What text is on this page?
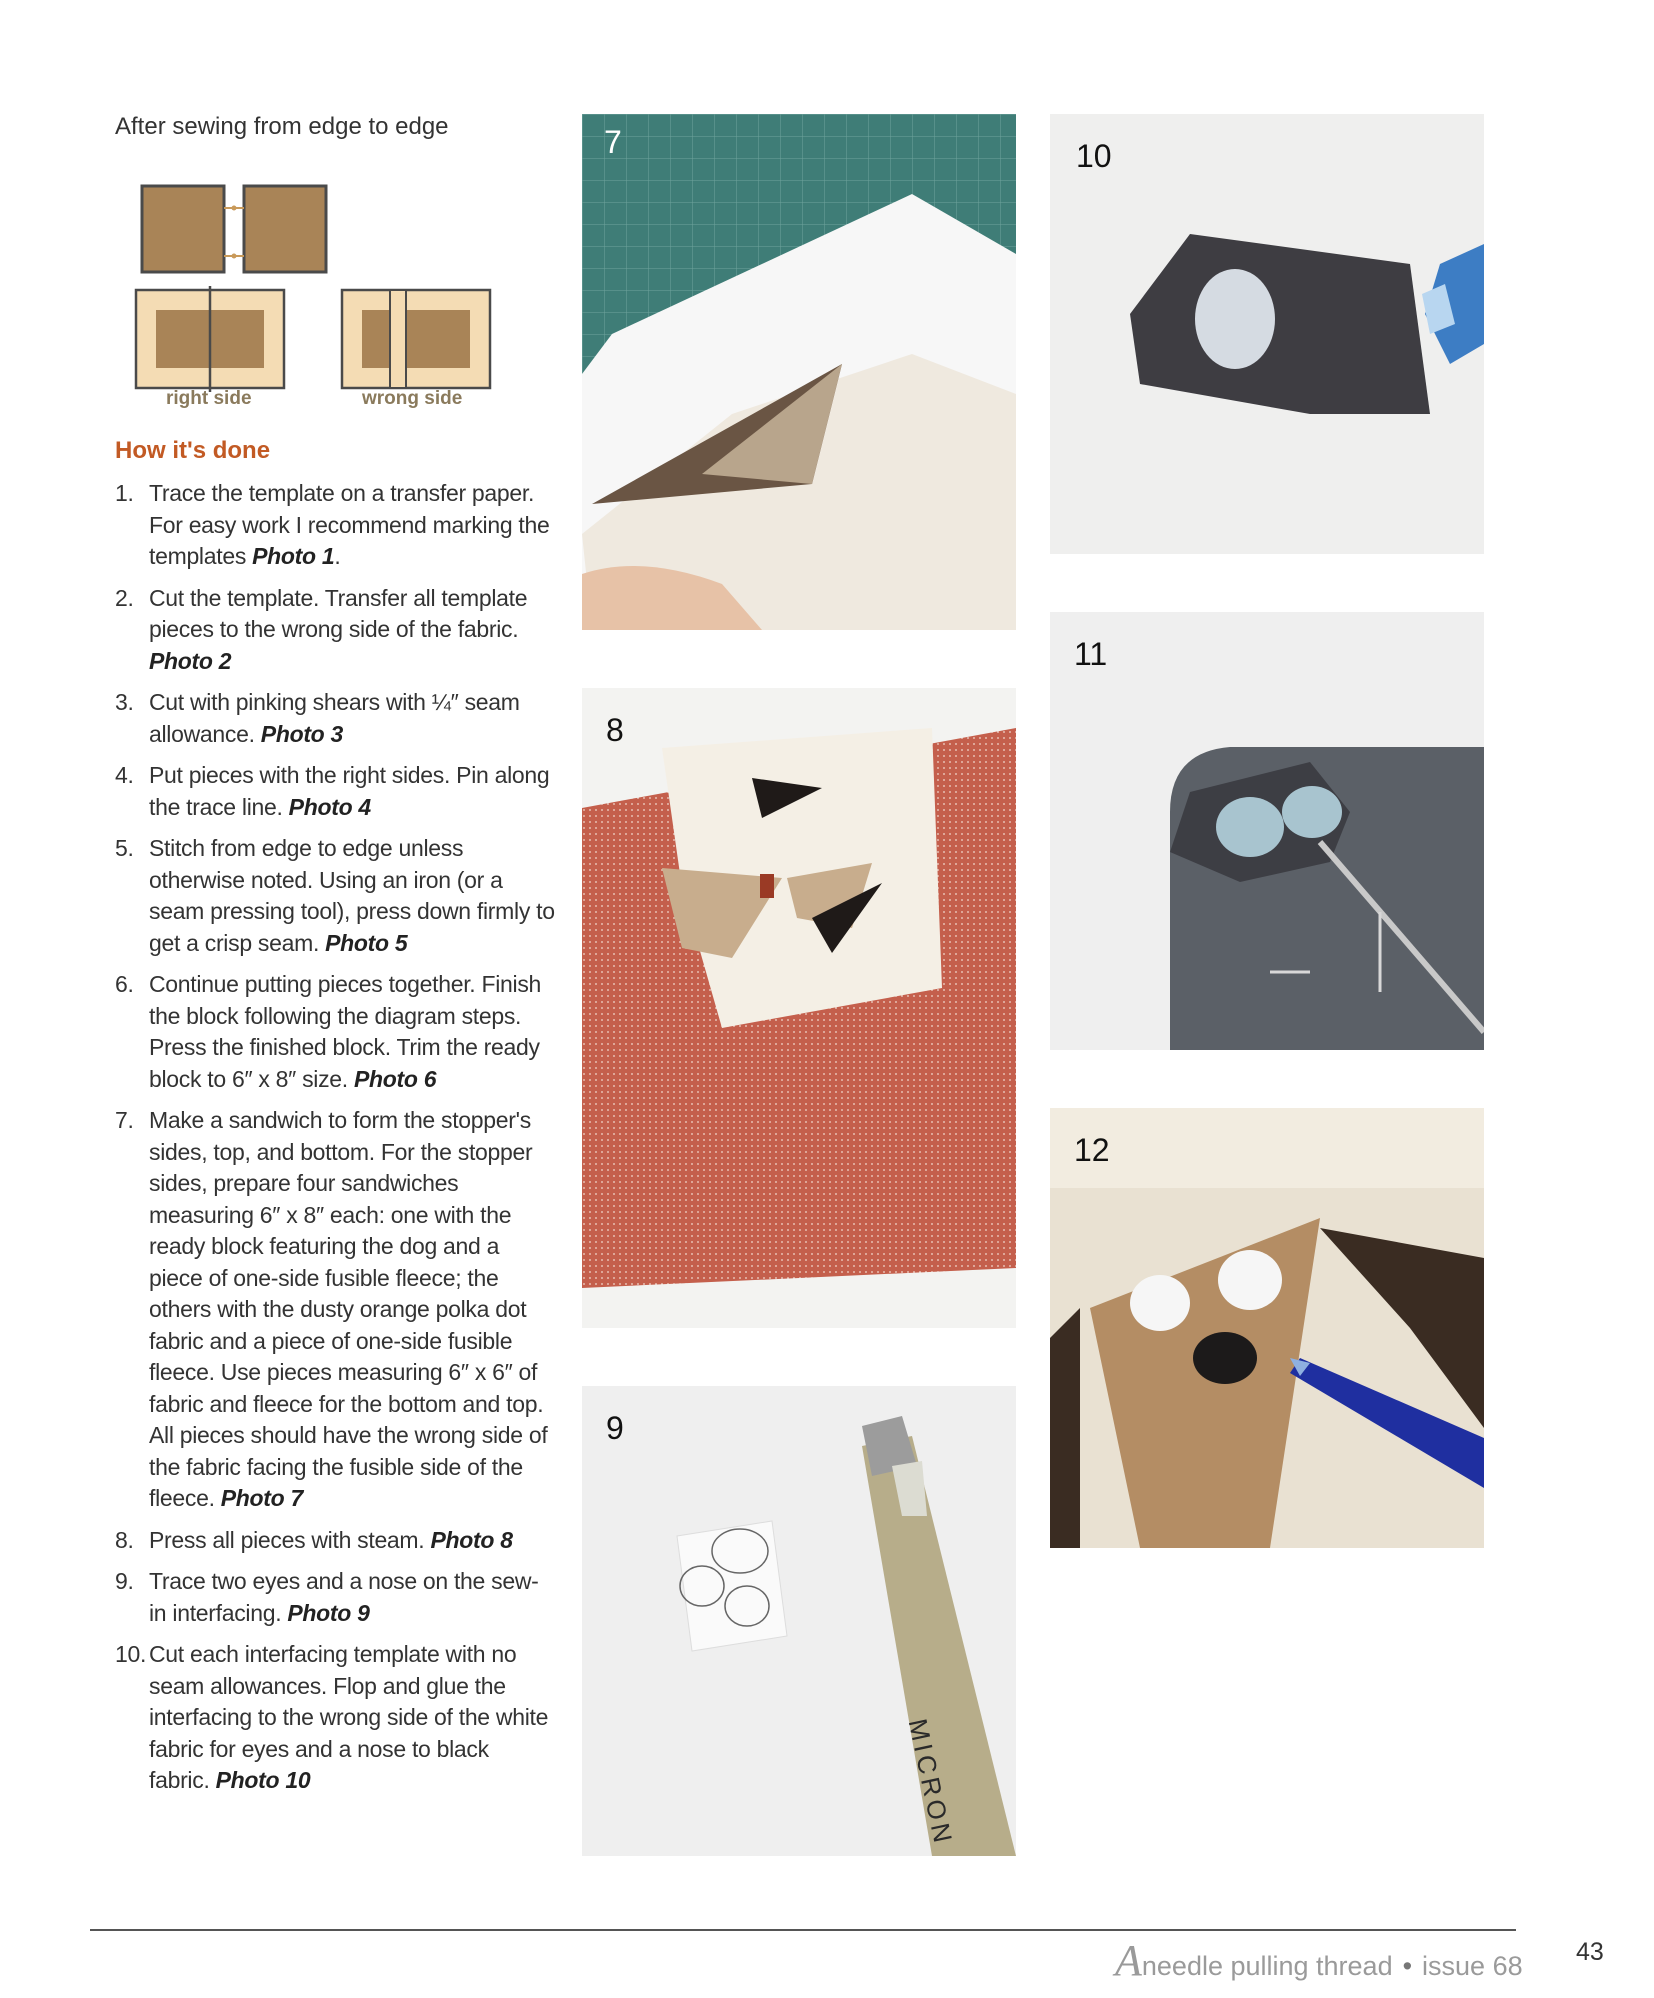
After sewing from edge to edge
right side	wrong side
How it's done
1. Trace the template on a transfer paper. For easy work I recommend marking the templates Photo 1.
2. Cut the template. Transfer all template pieces to the wrong side of the fabric. Photo 2
3. Cut with pinking shears with ¼″ seam allowance. Photo 3
4. Put pieces with the right sides. Pin along the trace line. Photo 4
5. Stitch from edge to edge unless otherwise noted. Using an iron (or a seam pressing tool), press down firmly to get a crisp seam. Photo 5
6. Continue putting pieces together. Finish the block following the diagram steps. Press the finished block. Trim the ready block to 6″ x 8″ size. Photo 6
7. Make a sandwich to form the stopper's sides, top, and bottom. For the stopper sides, prepare four sandwiches measuring 6″ x 8″ each: one with the ready block featuring the dog and a piece of one-side fusible fleece; the others with the dusty orange polka dot fabric and a piece of one-side fusible fleece. Use pieces measuring 6″ x 6″ of fabric and fleece for the bottom and top. All pieces should have the wrong side of the fabric facing the fusible side of the fleece. Photo 7
8. Press all pieces with steam. Photo 8
9. Trace two eyes and a nose on the sew-in interfacing. Photo 9
10. Cut each interfacing template with no seam allowances. Flop and glue the interfacing to the wrong side of the white fabric for eyes and a nose to black fabric. Photo 10
7
8
9
MICRON
10
11
12
Aneedle pulling thread • issue 68 43
